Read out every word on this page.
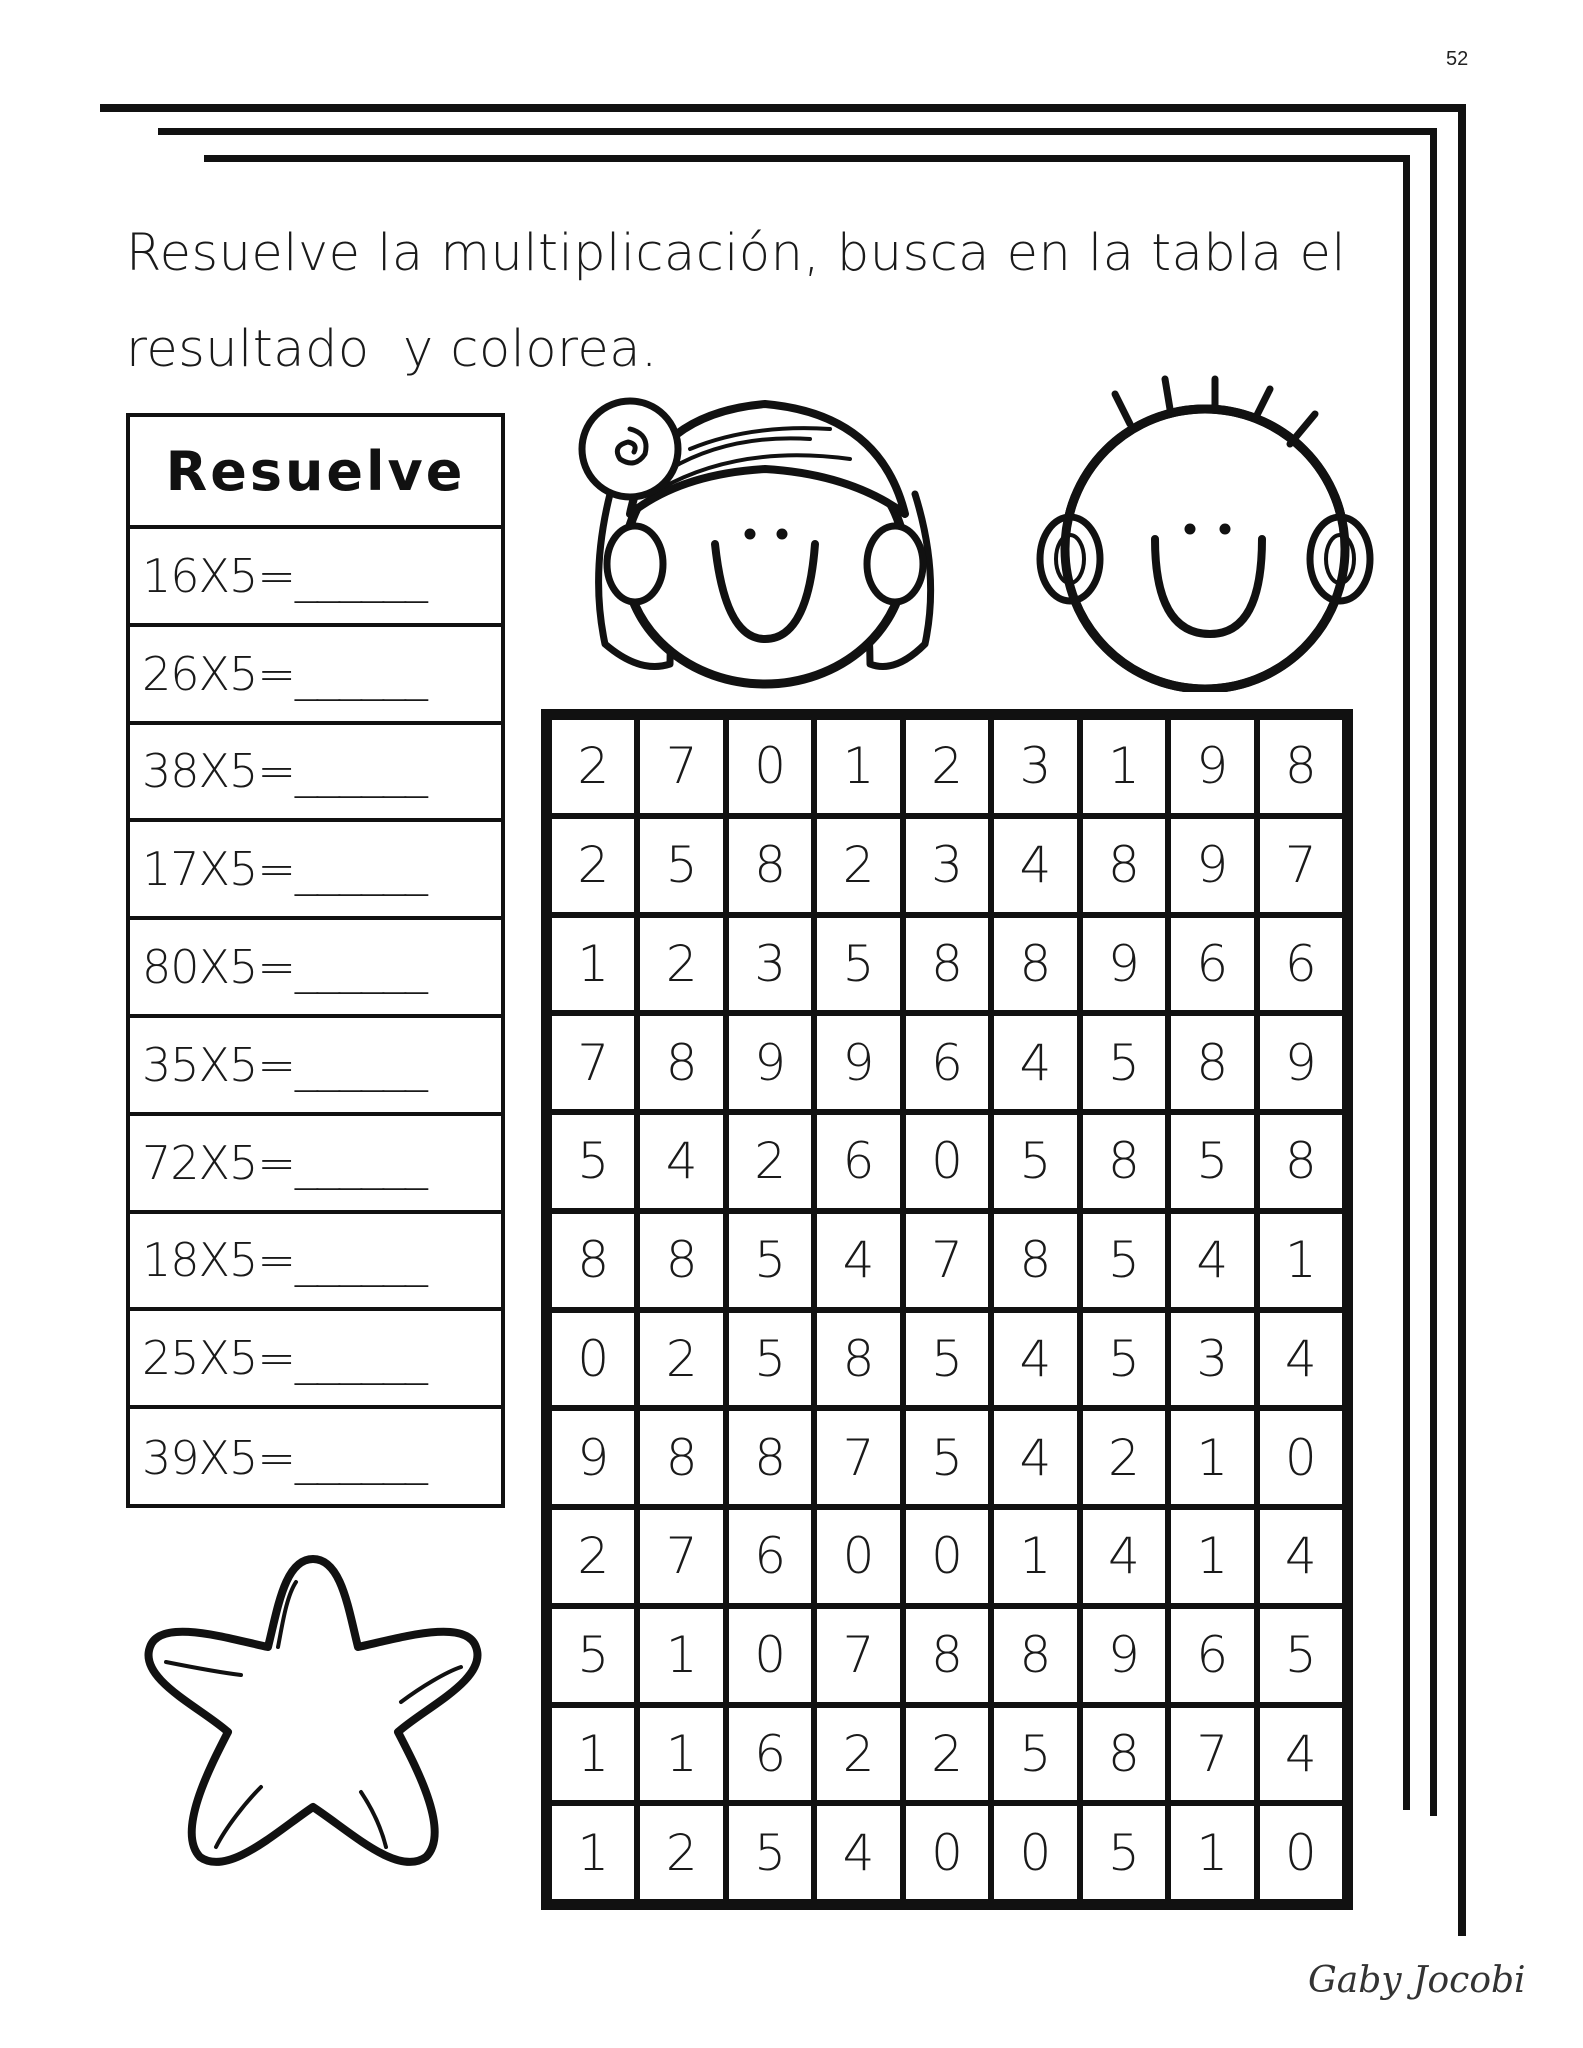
52
Resuelve la multiplicación, busca en la tabla el
resultado  y colorea.
Resuelve
16X5=______
26X5=______
38X5=______
17X5=______
80X5=______
35X5=______
72X5=______
18X5=______
25X5=______
39X5=______
2	7	0	1	2	3	1	9	8
2	5	8	2	3	4	8	9	7
1	2	3	5	8	8	9	6	6
7	8	9	9	6	4	5	8	9
5	4	2	6	0	5	8	5	8
8	8	5	4	7	8	5	4	1
0	2	5	8	5	4	5	3	4
9	8	8	7	5	4	2	1	0
2	7	6	0	0	1	4	1	4
5	1	0	7	8	8	9	6	5
1	1	6	2	2	5	8	7	4
1	2	5	4	0	0	5	1	0
Gaby Jocobi
